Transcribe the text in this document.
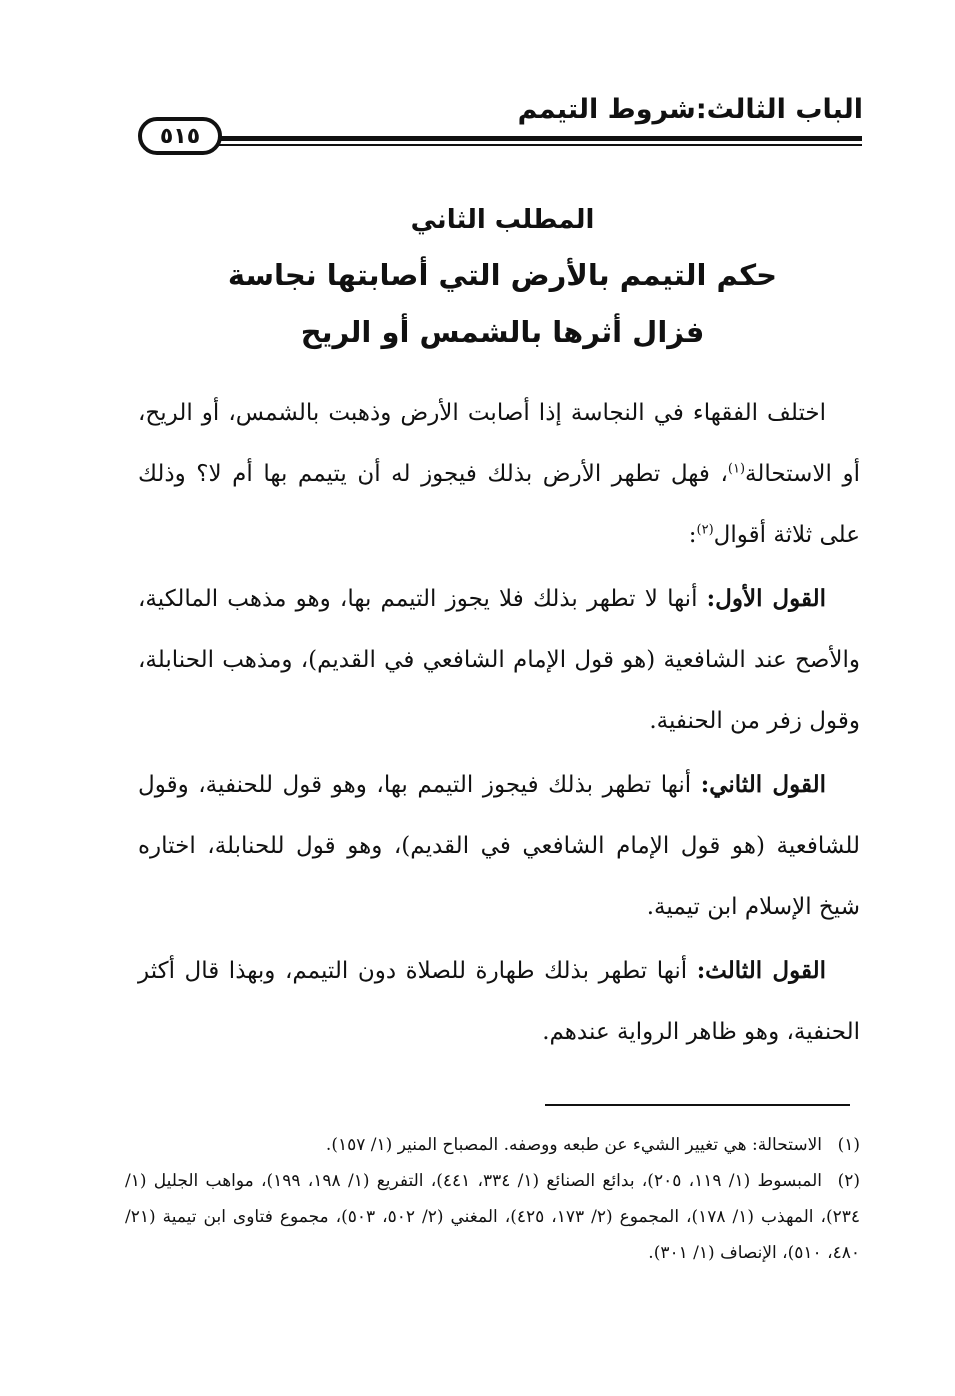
الباب الثالث:شروط التيمم
٥١٥
المطلب الثاني
حكم التيمم بالأرض التي أصابتها نجاسة
فزال أثرها بالشمس أو الريح

اختلف الفقهاء في النجاسة إذا أصابت الأرض وذهبت بالشمس، أو الريح، أو الاستحالة$^{(١)}$، فهل تطهر الأرض بذلك فيجوز له أن يتيمم بها أم لا؟ وذلك على ثلاثة أقوال$^{(٢)}$:

القول الأول: أنها لا تطهر بذلك فلا يجوز التيمم بها، وهو مذهب المالكية، والأصح عند الشافعية (هو قول الإمام الشافعي في القديم)، ومذهب الحنابلة، وقول زفر من الحنفية.

القول الثاني: أنها تطهر بذلك فيجوز التيمم بها، وهو قول للحنفية، وقول للشافعية (هو قول الإمام الشافعي في القديم)، وهو قول للحنابلة، اختاره شيخ الإسلام ابن تيمية.

القول الثالث: أنها تطهر بذلك طهارة للصلاة دون التيمم، وبهذا قال أكثر الحنفية، وهو ظاهر الرواية عندهم.

(١)الاستحالة: هي تغيير الشيء عن طبعه ووصفه. المصباح المنير (١/ ١٥٧).

(٢)المبسوط (١/ ١١٩، ٢٠٥)، بدائع الصنائع (١/ ٣٣٤، ٤٤١)، التفريع (١/ ١٩٨، ١٩٩)، مواهب الجليل (١/ ٢٣٤)، المهذب (١/ ١٧٨)، المجموع (٢/ ١٧٣، ٤٢٥)، المغني (٢/ ٥٠٢، ٥٠٣)، مجموع فتاوى ابن تيمية (٢١/ ٤٨٠، ٥١٠)، الإنصاف (١/ ٣٠١).
